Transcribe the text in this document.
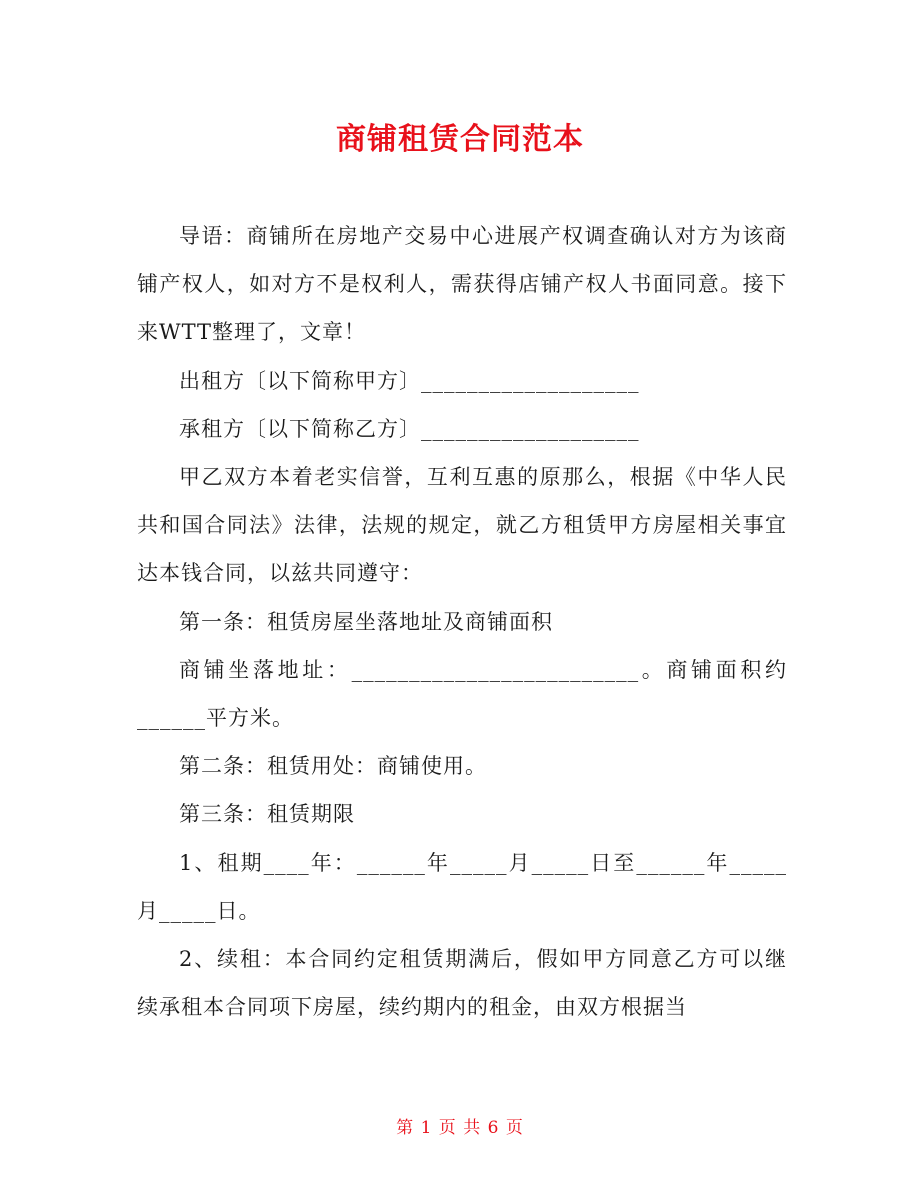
商铺租赁合同范本

导语：商铺所在房地产交易中心进展产权调查确认对方为该商铺产权人，如对方不是权利人，需获得店铺产权人书面同意。接下来WTT整理了，文章！

出租方〔以下简称甲方〕___________________

承租方〔以下简称乙方〕___________________

甲乙双方本着老实信誉，互利互惠的原那么，根据《中华人民共和国合同法》法律，法规的规定，就乙方租赁甲方房屋相关事宜达本钱合同，以兹共同遵守：

第一条：租赁房屋坐落地址及商铺面积

商铺坐落地址：_________________________。商铺面积约______平方米。

第二条：租赁用处：商铺使用。

第三条：租赁期限

1、租期____年：______年_____月_____日至______年_____月_____日。

2、续租：本合同约定租赁期满后，假如甲方同意乙方可以继续承租本合同项下房屋，续约期内的租金，由双方根据当

第 1 页 共 6 页
